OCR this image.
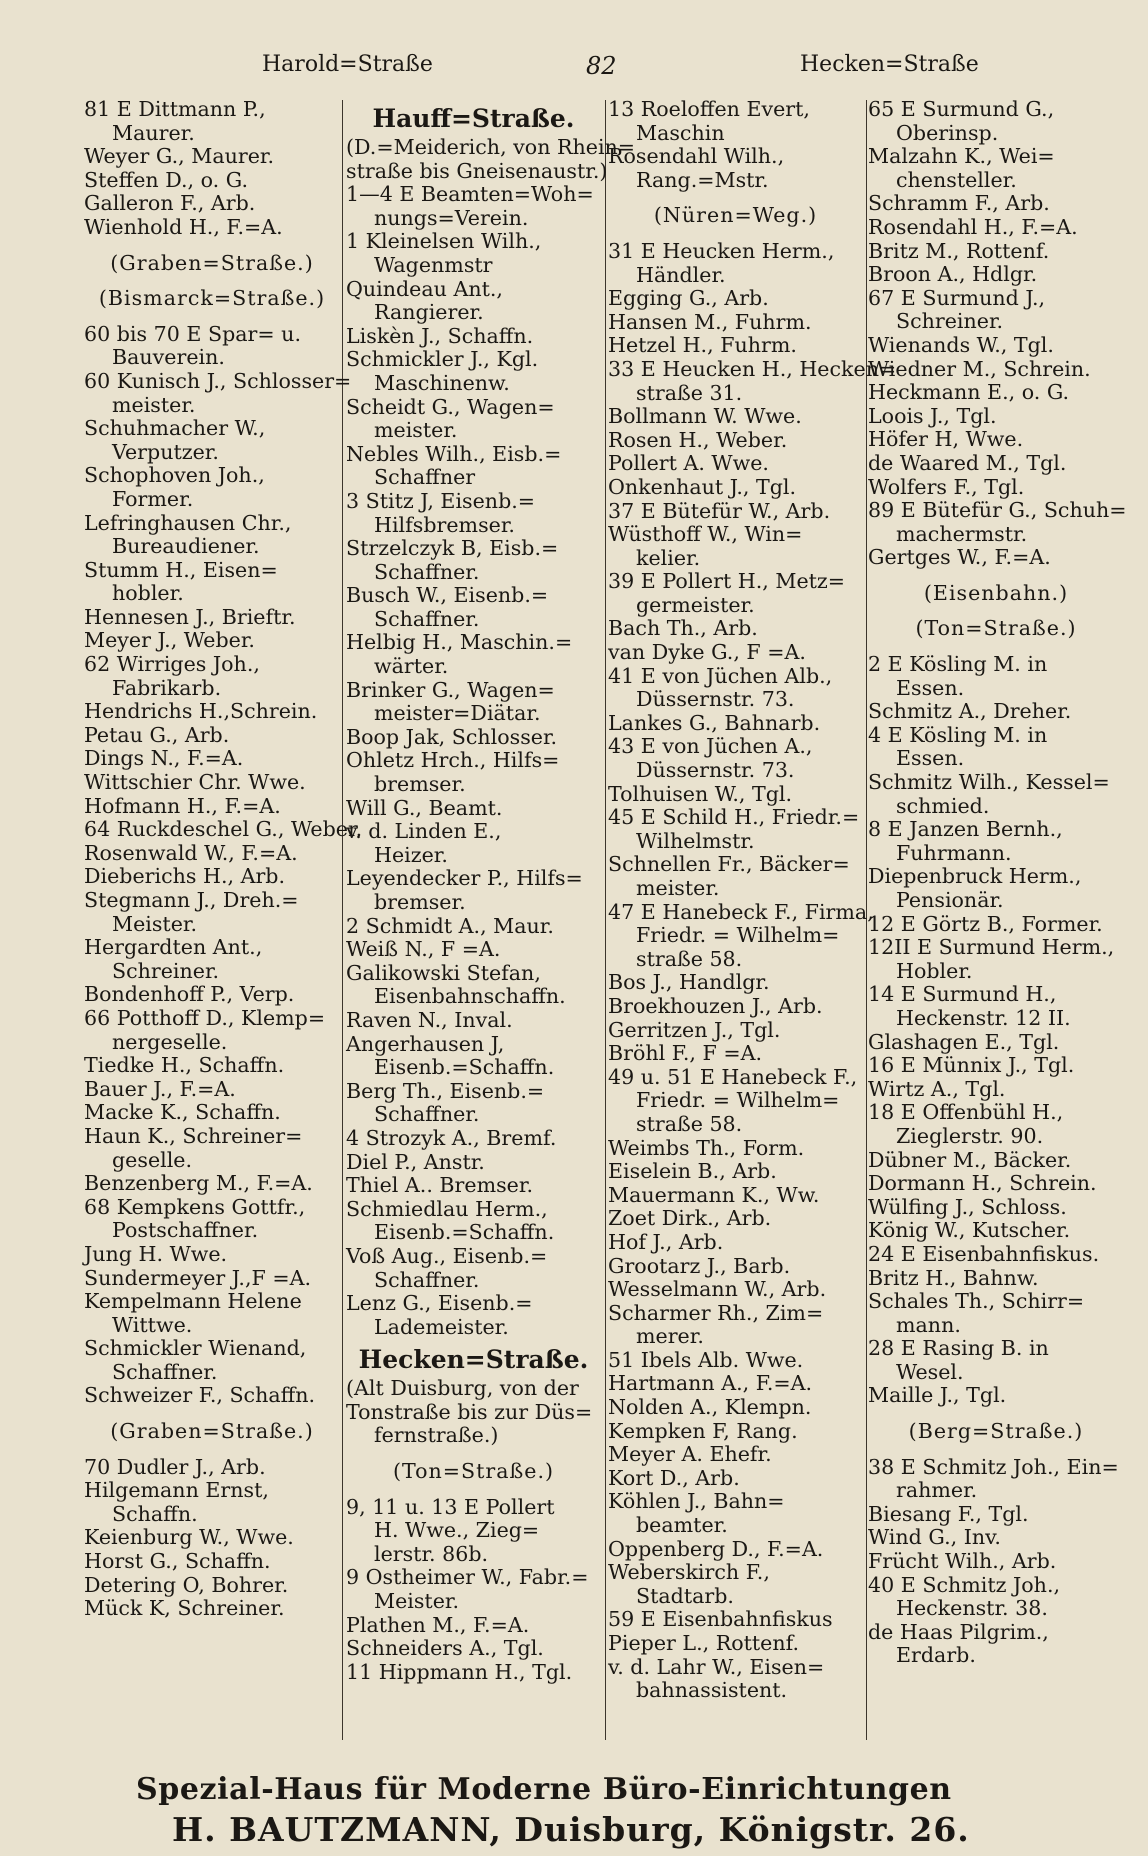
Harold=Straße	82	Hecken=Straße
81 E Dittmann P.,
Maurer.
Weyer G., Maurer.
Steffen D., o. G.
Galleron F., Arb.
Wienhold H., F.=A.
(Graben=Straße.)
(Bismarck=Straße.)
60 bis 70 E Spar= u.
Bauverein.
60 Kunisch J., Schlosser=
meister.
Schuhmacher W.,
Verputzer.
Schophoven Joh.,
Former.
Lefringhausen Chr.,
Bureaudiener.
Stumm H., Eisen=
hobler.
Hennesen J., Brieftr.
Meyer J., Weber.
62 Wirriges Joh.,
Fabrikarb.
Hendrichs H.,Schrein.
Petau G., Arb.
Dings N., F.=A.
Wittschier Chr. Wwe.
Hofmann H., F.=A.
64 Ruckdeschel G., Weber.
Rosenwald W., F.=A.
Dieberichs H., Arb.
Stegmann J., Dreh.=
Meister.
Hergardten Ant.,
Schreiner.
Bondenhoff P., Verp.
66 Potthoff D., Klemp=
nergeselle.
Tiedke H., Schaffn.
Bauer J., F.=A.
Macke K., Schaffn.
Haun K., Schreiner=
geselle.
Benzenberg M., F.=A.
68 Kempkens Gottfr.,
Postschaffner.
Jung H. Wwe.
Sundermeyer J.,F =A.
Kempelmann Helene
Wittwe.
Schmickler Wienand,
Schaffner.
Schweizer F., Schaffn.
(Graben=Straße.)
70 Dudler J., Arb.
Hilgemann Ernst,
Schaffn.
Keienburg W., Wwe.
Horst G., Schaffn.
Detering O, Bohrer.
Mück K, Schreiner.
Hauff=Straße.
(D.=Meiderich, von Rhein=
straße bis Gneisenaustr.)
1—4 E Beamten=Woh=
nungs=Verein.
1 Kleinelsen Wilh.,
Wagenmstr
Quindeau Ant.,
Rangierer.
Liskèn J., Schaffn.
Schmickler J., Kgl.
Maschinenw.
Scheidt G., Wagen=
meister.
Nebles Wilh., Eisb.=
Schaffner
3 Stitz J, Eisenb.=
Hilfsbremser.
Strzelczyk B, Eisb.=
Schaffner.
Busch W., Eisenb.=
Schaffner.
Helbig H., Maschin.=
wärter.
Brinker G., Wagen=
meister=Diätar.
Boop Jak, Schlosser.
Ohletz Hrch., Hilfs=
bremser.
Will G., Beamt.
v. d. Linden E.,
Heizer.
Leyendecker P., Hilfs=
bremser.
2 Schmidt A., Maur.
Weiß N., F =A.
Galikowski Stefan,
Eisenbahnschaffn.
Raven N., Inval.
Angerhausen J,
Eisenb.=Schaffn.
Berg Th., Eisenb.=
Schaffner.
4 Strozyk A., Bremf.
Diel P., Anstr.
Thiel A.. Bremser.
Schmiedlau Herm.,
Eisenb.=Schaffn.
Voß Aug., Eisenb.=
Schaffner.
Lenz G., Eisenb.=
Lademeister.
Hecken=Straße.
(Alt Duisburg, von der
Tonstraße bis zur Düs=
fernstraße.)
(Ton=Straße.)
9, 11 u. 13 E Pollert
H. Wwe., Zieg=
lerstr. 86b.
9 Ostheimer W., Fabr.=
Meister.
Plathen M., F.=A.
Schneiders A., Tgl.
11 Hippmann H., Tgl.
13 Roeloffen Evert,
Maschin
Rosendahl Wilh.,
Rang.=Mstr.
(Nüren=Weg.)
31 E Heucken Herm.,
Händler.
Egging G., Arb.
Hansen M., Fuhrm.
Hetzel H., Fuhrm.
33 E Heucken H., Hecken=
straße 31.
Bollmann W. Wwe.
Rosen H., Weber.
Pollert A. Wwe.
Onkenhaut J., Tgl.
37 E Bütefür W., Arb.
Wüsthoff W., Win=
kelier.
39 E Pollert H., Metz=
germeister.
Bach Th., Arb.
van Dyke G., F =A.
41 E von Jüchen Alb.,
Düssernstr. 73.
Lankes G., Bahnarb.
43 E von Jüchen A.,
Düssernstr. 73.
Tolhuisen W., Tgl.
45 E Schild H., Friedr.=
Wilhelmstr.
Schnellen Fr., Bäcker=
meister.
47 E Hanebeck F., Firma,
Friedr. = Wilhelm=
straße 58.
Bos J., Handlgr.
Broekhouzen J., Arb.
Gerritzen J., Tgl.
Bröhl F., F =A.
49 u. 51 E Hanebeck F.,
Friedr. = Wilhelm=
straße 58.
Weimbs Th., Form.
Eiselein B., Arb.
Mauermann K., Ww.
Zoet Dirk., Arb.
Hof J., Arb.
Grootarz J., Barb.
Wesselmann W., Arb.
Scharmer Rh., Zim=
merer.
51 Ibels Alb. Wwe.
Hartmann A., F.=A.
Nolden A., Klempn.
Kempken F, Rang.
Meyer A. Ehefr.
Kort D., Arb.
Köhlen J., Bahn=
beamter.
Oppenberg D., F.=A.
Weberskirch F.,
Stadtarb.
59 E Eisenbahnfiskus
Pieper L., Rottenf.
v. d. Lahr W., Eisen=
bahnassistent.
65 E Surmund G.,
Oberinsp.
Malzahn K., Wei=
chensteller.
Schramm F., Arb.
Rosendahl H., F.=A.
Britz M., Rottenf.
Broon A., Hdlgr.
67 E Surmund J.,
Schreiner.
Wienands W., Tgl.
Wiedner M., Schrein.
Heckmann E., o. G.
Loois J., Tgl.
Höfer H, Wwe.
de Waared M., Tgl.
Wolfers F., Tgl.
89 E Bütefür G., Schuh=
machermstr.
Gertges W., F.=A.
(Eisenbahn.)
(Ton=Straße.)
2 E Kösling M. in
Essen.
Schmitz A., Dreher.
4 E Kösling M. in
Essen.
Schmitz Wilh., Kessel=
schmied.
8 E Janzen Bernh.,
Fuhrmann.
Diepenbruck Herm.,
Pensionär.
12 E Görtz B., Former.
12II E Surmund Herm.,
Hobler.
14 E Surmund H.,
Heckenstr. 12 II.
Glashagen E., Tgl.
16 E Münnix J., Tgl.
Wirtz A., Tgl.
18 E Offenbühl H.,
Zieglerstr. 90.
Dübner M., Bäcker.
Dormann H., Schrein.
Wülfing J., Schloss.
König W., Kutscher.
24 E Eisenbahnfiskus.
Britz H., Bahnw.
Schales Th., Schirr=
mann.
28 E Rasing B. in
Wesel.
Maille J., Tgl.
(Berg=Straße.)
38 E Schmitz Joh., Ein=
rahmer.
Biesang F., Tgl.
Wind G., Inv.
Frücht Wilh., Arb.
40 E Schmitz Joh.,
Heckenstr. 38.
de Haas Pilgrim.,
Erdarb.
Spezial-Haus für Moderne Büro-Einrichtungen
H. BAUTZMANN, Duisburg, Königstr. 26.
